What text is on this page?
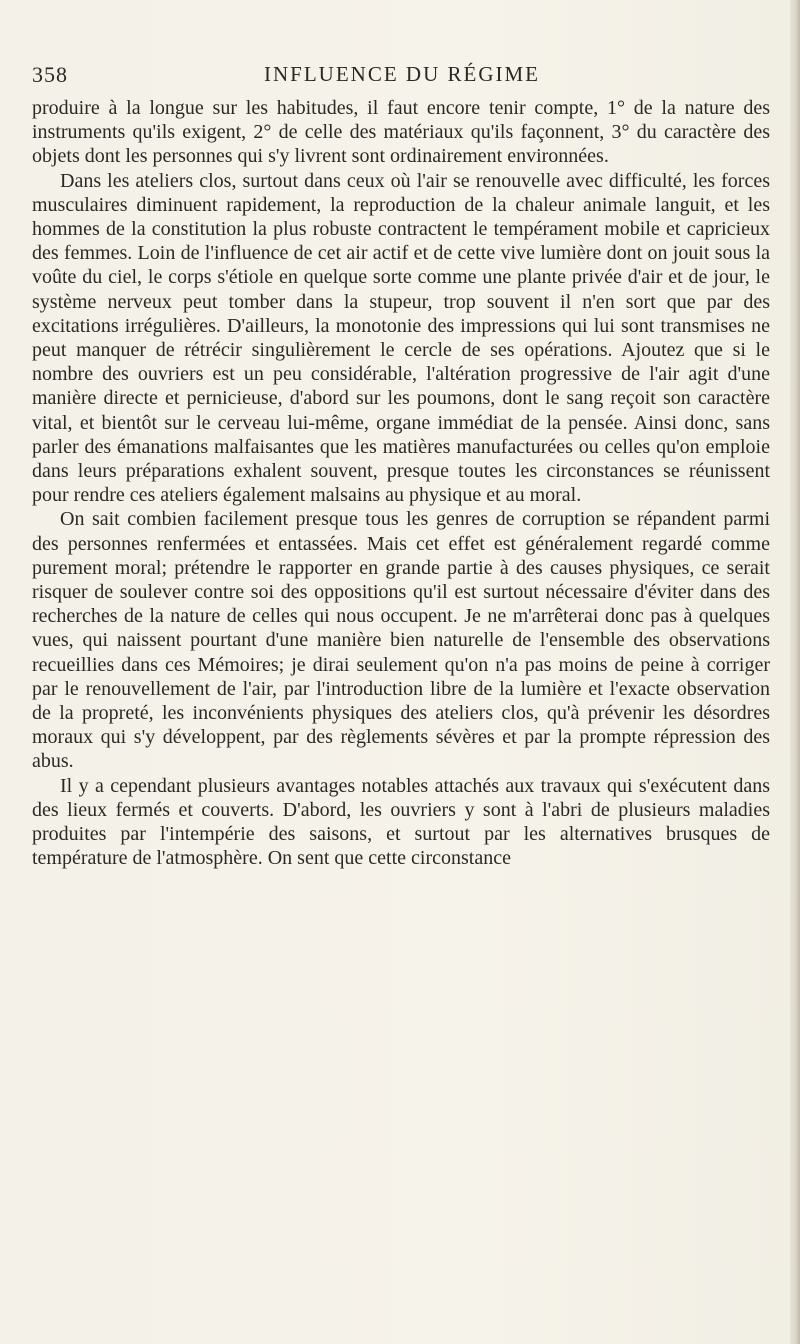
358	INFLUENCE DU RÉGIME

produire à la longue sur les habitudes, il faut encore tenir compte, 1° de la nature des instruments qu'ils exigent, 2° de celle des matériaux qu'ils façonnent, 3° du caractère des objets dont les personnes qui s'y livrent sont ordinairement environnées.

Dans les ateliers clos, surtout dans ceux où l'air se renouvelle avec difficulté, les forces musculaires diminuent rapidement, la reproduction de la chaleur animale languit, et les hommes de la constitution la plus robuste contractent le tempérament mobile et capricieux des femmes. Loin de l'influence de cet air actif et de cette vive lumière dont on jouit sous la voûte du ciel, le corps s'étiole en quelque sorte comme une plante privée d'air et de jour, le système nerveux peut tomber dans la stupeur, trop souvent il n'en sort que par des excitations irrégulières. D'ailleurs, la monotonie des impressions qui lui sont transmises ne peut manquer de rétrécir singulièrement le cercle de ses opérations. Ajoutez que si le nombre des ouvriers est un peu considérable, l'altération progressive de l'air agit d'une manière directe et pernicieuse, d'abord sur les poumons, dont le sang reçoit son caractère vital, et bientôt sur le cerveau lui-même, organe immédiat de la pensée. Ainsi donc, sans parler des émanations malfaisantes que les matières manufacturées ou celles qu'on emploie dans leurs préparations exhalent souvent, presque toutes les circonstances se réunissent pour rendre ces ateliers également malsains au physique et au moral.

On sait combien facilement presque tous les genres de corruption se répandent parmi des personnes renfermées et entassées. Mais cet effet est généralement regardé comme purement moral; prétendre le rapporter en grande partie à des causes physiques, ce serait risquer de soulever contre soi des oppositions qu'il est surtout nécessaire d'éviter dans des recherches de la nature de celles qui nous occupent. Je ne m'arrêterai donc pas à quelques vues, qui naissent pourtant d'une manière bien naturelle de l'ensemble des observations recueillies dans ces Mémoires; je dirai seulement qu'on n'a pas moins de peine à corriger par le renouvellement de l'air, par l'introduction libre de la lumière et l'exacte observation de la propreté, les inconvénients physiques des ateliers clos, qu'à prévenir les désordres moraux qui s'y développent, par des règlements sévères et par la prompte répression des abus.

Il y a cependant plusieurs avantages notables attachés aux travaux qui s'exécutent dans des lieux fermés et couverts. D'abord, les ouvriers y sont à l'abri de plusieurs maladies produites par l'intempérie des saisons, et surtout par les alternatives brusques de température de l'atmosphère. On sent que cette circonstance
